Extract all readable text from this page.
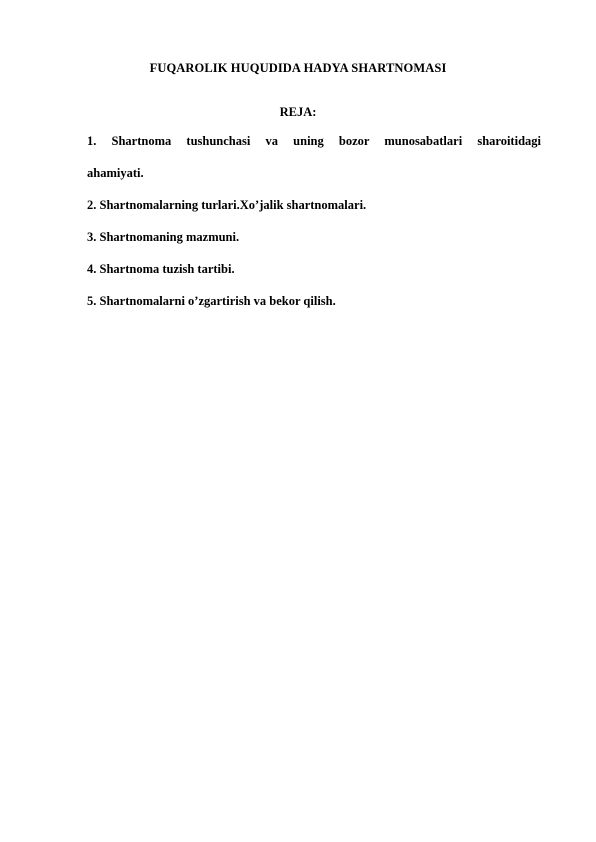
FUQAROLIK HUQUDIDA HADYA SHARTNOMASI
REJA:
1. Shartnoma tushunchasi va uning bozor munosabatlari sharoitidagi
ahamiyati.
2. Shartnomalarning turlari.Xo’jalik shartnomalari.
3. Shartnomaning mazmuni.
4. Shartnoma tuzish tartibi.
5. Shartnomalarni o’zgartirish va bekor qilish.
